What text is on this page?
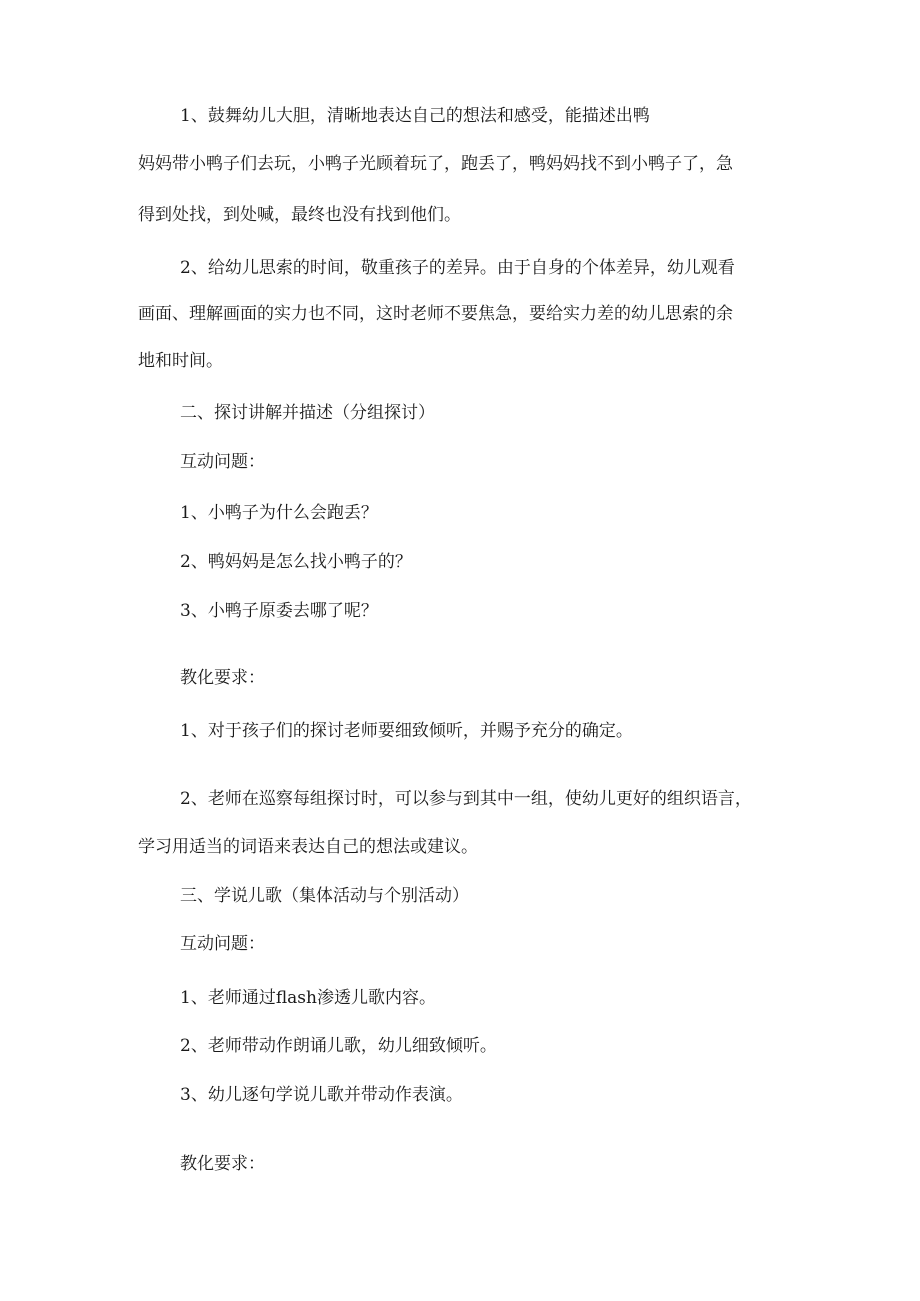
1、鼓舞幼儿大胆，清晰地表达自己的想法和感受，能描述出鸭
妈妈带小鸭子们去玩，小鸭子光顾着玩了，跑丢了，鸭妈妈找不到小鸭子了，急
得到处找，到处喊，最终也没有找到他们。
2、给幼儿思索的时间，敬重孩子的差异。由于自身的个体差异，幼儿观看
画面、理解画面的实力也不同，这时老师不要焦急，要给实力差的幼儿思索的余
地和时间。
二、探讨讲解并描述（分组探讨）
互动问题：
1、小鸭子为什么会跑丢？
2、鸭妈妈是怎么找小鸭子的？
3、小鸭子原委去哪了呢？
教化要求：
1、对于孩子们的探讨老师要细致倾听，并赐予充分的确定。
2、老师在巡察每组探讨时，可以参与到其中一组，使幼儿更好的组织语言，
学习用适当的词语来表达自己的想法或建议。
三、学说儿歌（集体活动与个别活动）
互动问题：
1、老师通过flash渗透儿歌内容。
2、老师带动作朗诵儿歌，幼儿细致倾听。
3、幼儿逐句学说儿歌并带动作表演。
教化要求：
